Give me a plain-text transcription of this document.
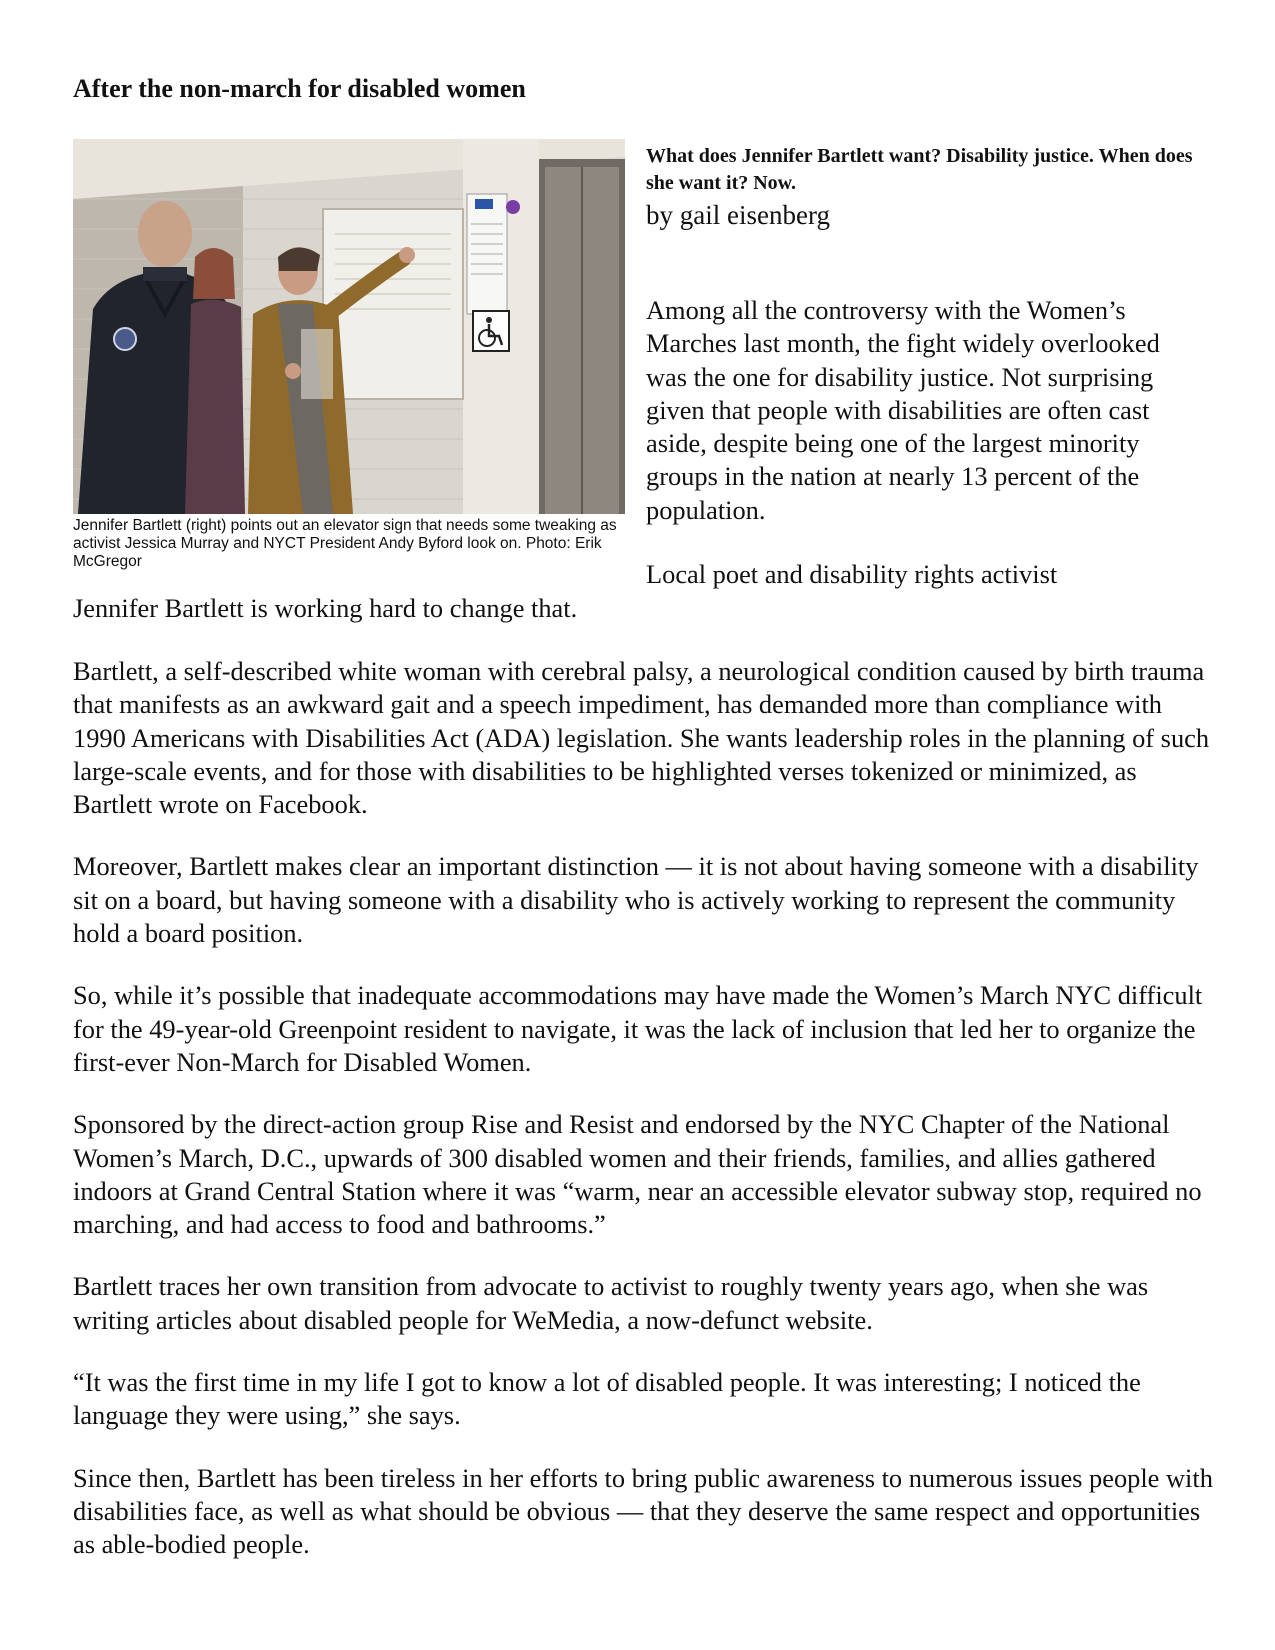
After the non-march for disabled women

Jennifer Bartlett (right) points out an elevator sign that needs some tweaking as activist Jessica Murray and NYCT President Andy Byford look on. Photo: Erik McGregor

What does Jennifer Bartlett want? Disability justice. When does she want it? Now.

by gail eisenberg

Among all the controversy with the Women’s Marches last month, the fight widely overlooked was the one for disability justice. Not surprising given that people with disabilities are often cast aside, despite being one of the largest minority groups in the nation at nearly 13 percent of the population.

Local poet and disability rights activist

Jennifer Bartlett is working hard to change that.

Bartlett, a self-described white woman with cerebral palsy, a neurological condition caused by birth trauma that manifests as an awkward gait and a speech impediment, has demanded more than compliance with 1990 Americans with Disabilities Act (ADA) legislation. She wants leadership roles in the planning of such large-scale events, and for those with disabilities to be highlighted verses tokenized or minimized, as Bartlett wrote on Facebook.

Moreover, Bartlett makes clear an important distinction — it is not about having someone with a disability sit on a board, but having someone with a disability who is actively working to represent the community hold a board position.

So, while it’s possible that inadequate accommodations may have made the Women’s March NYC difficult for the 49-year-old Greenpoint resident to navigate, it was the lack of inclusion that led her to organize the first-ever Non-March for Disabled Women.

Sponsored by the direct-action group Rise and Resist and endorsed by the NYC Chapter of the National Women’s March, D.C., upwards of 300 disabled women and their friends, families, and allies gathered indoors at Grand Central Station where it was “warm, near an accessible elevator subway stop, required no marching, and had access to food and bathrooms.”

Bartlett traces her own transition from advocate to activist to roughly twenty years ago, when she was writing articles about disabled people for WeMedia, a now-defunct website.

“It was the first time in my life I got to know a lot of disabled people. It was interesting; I noticed the language they were using,” she says.

Since then, Bartlett has been tireless in her efforts to bring public awareness to numerous issues people with disabilities face, as well as what should be obvious — that they deserve the same respect and opportunities as able-bodied people.
